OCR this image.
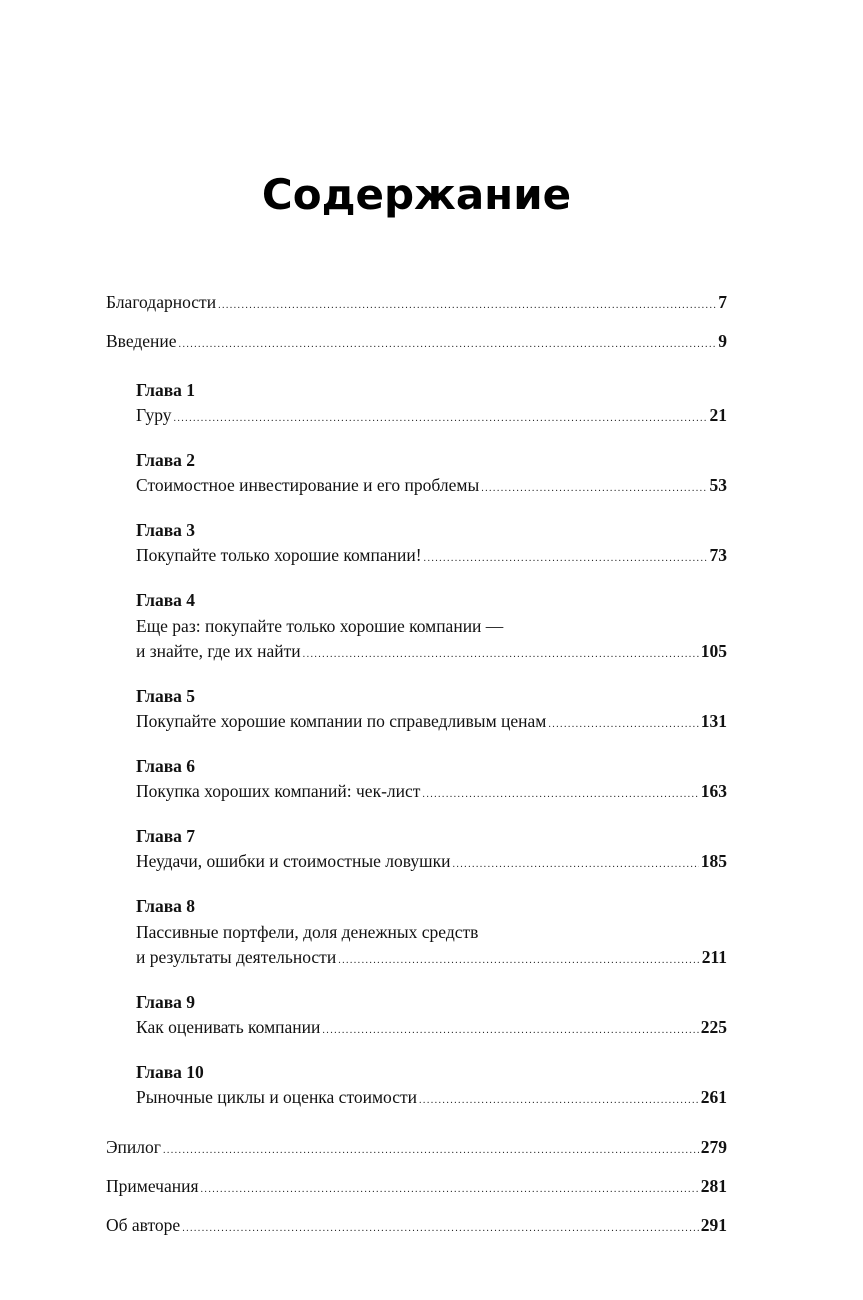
Содержание
Благодарности .....	7
Введение .....	9
Глава 1
Гуру .....	21
Глава 2
Стоимостное инвестирование и его проблемы .....	53
Глава 3
Покупайте только хорошие компании! .....	73
Глава 4
Еще раз: покупайте только хорошие компании —
и знайте, где их найти .....	105
Глава 5
Покупайте хорошие компании по справедливым ценам .....	131
Глава 6
Покупка хороших компаний: чек-лист .....	163
Глава 7
Неудачи, ошибки и стоимостные ловушки .....	185
Глава 8
Пассивные портфели, доля денежных средств
и результаты деятельности .....	211
Глава 9
Как оценивать компании .....	225
Глава 10
Рыночные циклы и оценка стоимости .....	261
Эпилог .....	279
Примечания .....	281
Об авторе .....	291
